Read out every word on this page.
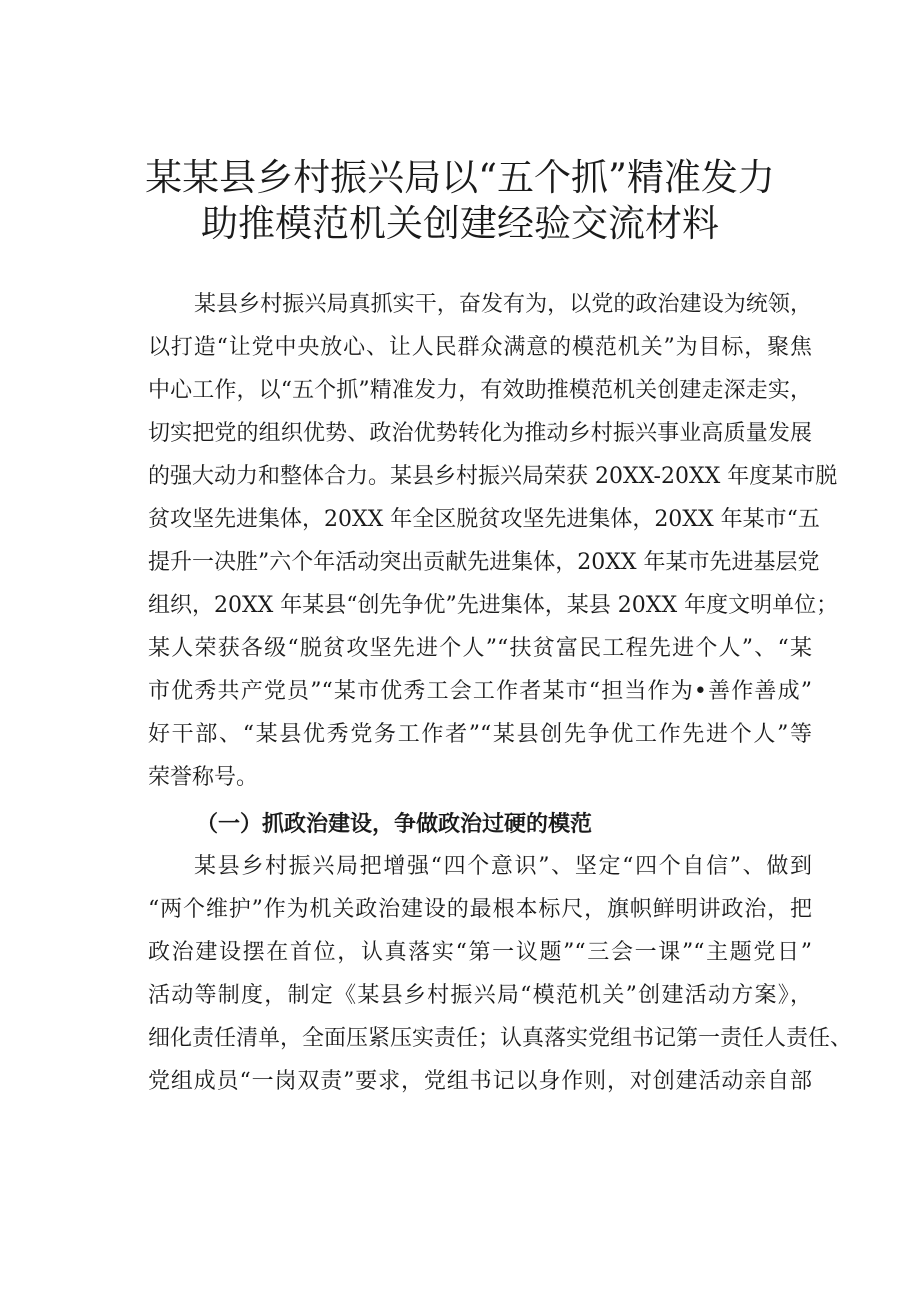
某某县乡村振兴局以“五个抓”精准发力
助推模范机关创建经验交流材料

某县乡村振兴局真抓实干，奋发有为，以党的政治建设为统领，

以打造“让党中央放心、让人民群众满意的模范机关”为目标，聚焦

中心工作，以“五个抓”精准发力，有效助推模范机关创建走深走实，

切实把党的组织优势、政治优势转化为推动乡村振兴事业高质量发展

的强大动力和整体合力。某县乡村振兴局荣获 20XX-20XX 年度某市脱

贫攻坚先进集体，20XX 年全区脱贫攻坚先进集体，20XX 年某市“五

提升一决胜”六个年活动突出贡献先进集体，20XX 年某市先进基层党

组织，20XX 年某县“创先争优”先进集体，某县 20XX 年度文明单位；

某人荣获各级“脱贫攻坚先进个人”“扶贫富民工程先进个人”、“某

市优秀共产党员”“某市优秀工会工作者某市“担当作为•善作善成”

好干部、“某县优秀党务工作者”“某县创先争优工作先进个人”等

荣誉称号。

（一）抓政治建设，争做政治过硬的模范

某县乡村振兴局把增强“四个意识”、坚定“四个自信”、做到

“两个维护”作为机关政治建设的最根本标尺，旗帜鲜明讲政治，把

政治建设摆在首位，认真落实“第一议题”“三会一课”“主题党日”

活动等制度，制定《某县乡村振兴局“模范机关”创建活动方案》，

细化责任清单，全面压紧压实责任；认真落实党组书记第一责任人责任、

党组成员“一岗双责”要求，党组书记以身作则，对创建活动亲自部
